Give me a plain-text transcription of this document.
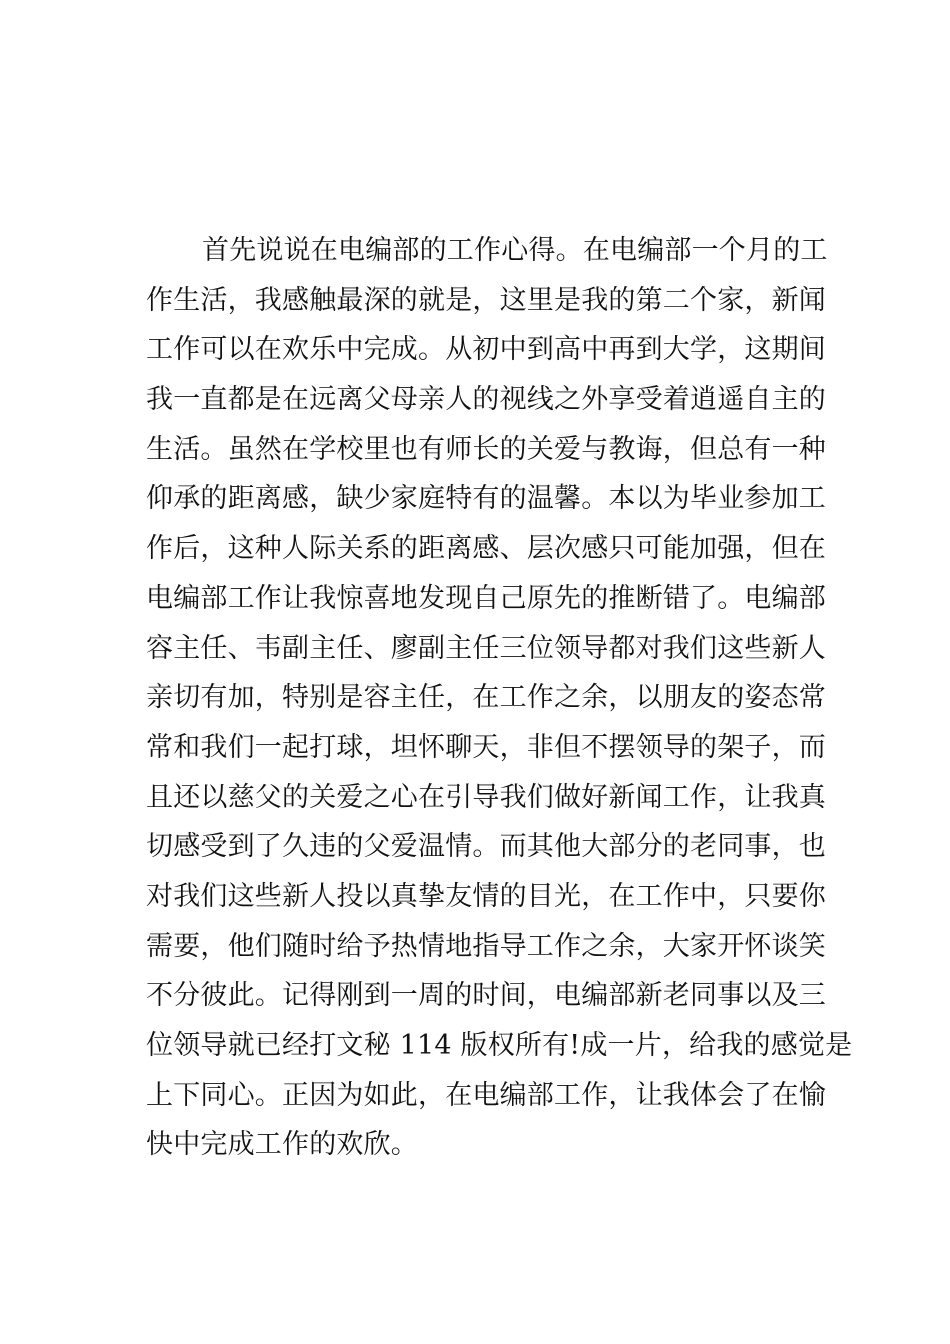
首先说说在电编部的工作心得。在电编部一个月的工
作生活，我感触最深的就是，这里是我的第二个家，新闻
工作可以在欢乐中完成。从初中到高中再到大学，这期间
我一直都是在远离父母亲人的视线之外享受着逍遥自主的
生活。虽然在学校里也有师长的关爱与教诲，但总有一种
仰承的距离感，缺少家庭特有的温馨。本以为毕业参加工
作后，这种人际关系的距离感、层次感只可能加强，但在
电编部工作让我惊喜地发现自己原先的推断错了。电编部
容主任、韦副主任、廖副主任三位领导都对我们这些新人
亲切有加，特别是容主任，在工作之余，以朋友的姿态常
常和我们一起打球，坦怀聊天，非但不摆领导的架子，而
且还以慈父的关爱之心在引导我们做好新闻工作，让我真
切感受到了久违的父爱温情。而其他大部分的老同事，也
对我们这些新人投以真挚友情的目光，在工作中，只要你
需要，他们随时给予热情地指导工作之余，大家开怀谈笑
不分彼此。记得刚到一周的时间，电编部新老同事以及三
位领导就已经打文秘 114 版权所有!成一片，给我的感觉是
上下同心。正因为如此，在电编部工作，让我体会了在愉
快中完成工作的欢欣。
